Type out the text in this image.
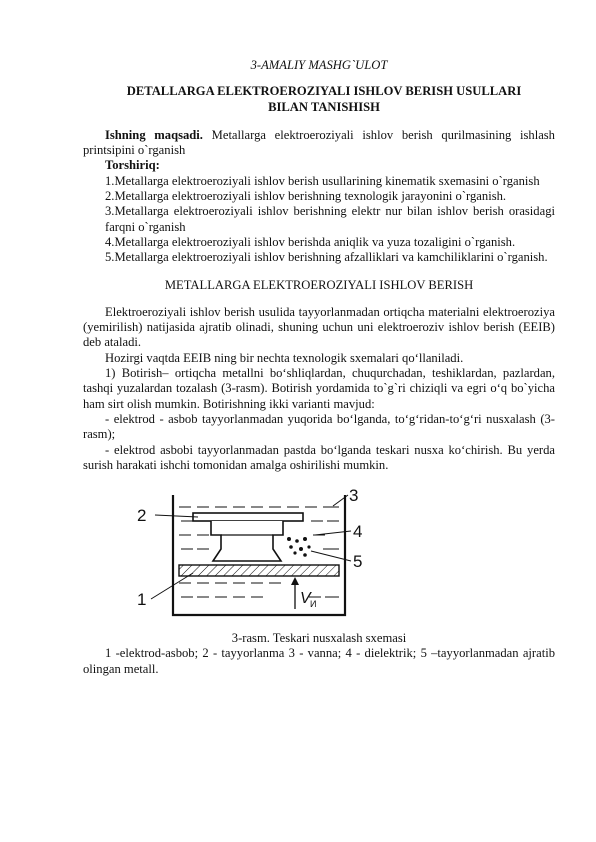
3-AMALIY MASHG`ULOT

DETALLARGA ELEKTROEROZIYALI ISHLOV BERISH USULLARI
BILAN TANISHISH

Ishning maqsadi. Metallarga elektroeroziyali ishlov berish qurilmasining ishlash printsipini o`rganish

Torshiriq:

1.Metallarga elektroeroziyali ishlov berish usullarining kinematik sxemasini o`rganish

2.Metallarga elektroeroziyali ishlov berishning texnologik jarayonini o`rganish.

3.Metallarga elektroeroziyali ishlov berishning elektr nur bilan ishlov berish orasidagi farqni o`rganish

4.Metallarga elektroeroziyali ishlov berishda aniqlik va yuza tozaligini o`rganish.

5.Metallarga elektroeroziyali ishlov berishning afzalliklari va kamchiliklarini o`rganish.

METALLARGA ELEKTROEROZIYALI ISHLOV BERISH

Elektroeroziyali ishlov berish usulida tayyorlanmadan ortiqcha materialni elektroeroziya (yemirilish) natijasida ajratib olinadi, shuning uchun uni elektroeroziv ishlov berish (EEIB) deb ataladi.

Hozirgi vaqtda EEIB ning bir nechta texnologik sxemalari qo‘llaniladi.

1) Botirish– ortiqcha metallni bo‘shliqlardan, chuqurchadan, teshiklardan, pazlardan, tashqi yuzalardan tozalash (3-rasm). Botirish yordamida to`g`ri chiziqli va egri o‘q bo`yicha ham sirt olish mumkin. Botirishning ikki varianti mavjud:

- elektrod - asbob tayyorlanmadan yuqorida bo‘lganda, to‘g‘ridan-to‘g‘ri nusxalash (3-rasm);

- elektrod asbobi tayyorlanmadan pastda bo‘lganda teskari nusxa ko‘chirish. Bu yerda surish harakati ishchi tomonidan amalga oshirilishi mumkin.

V И
1
2
3
4
5

3-rasm. Teskari nusxalash sxemasi

1 -elektrod-asbob; 2 - tayyorlanma 3 - vanna; 4 - dielektrik; 5 –tayyorlanmadan ajratib olingan metall.
